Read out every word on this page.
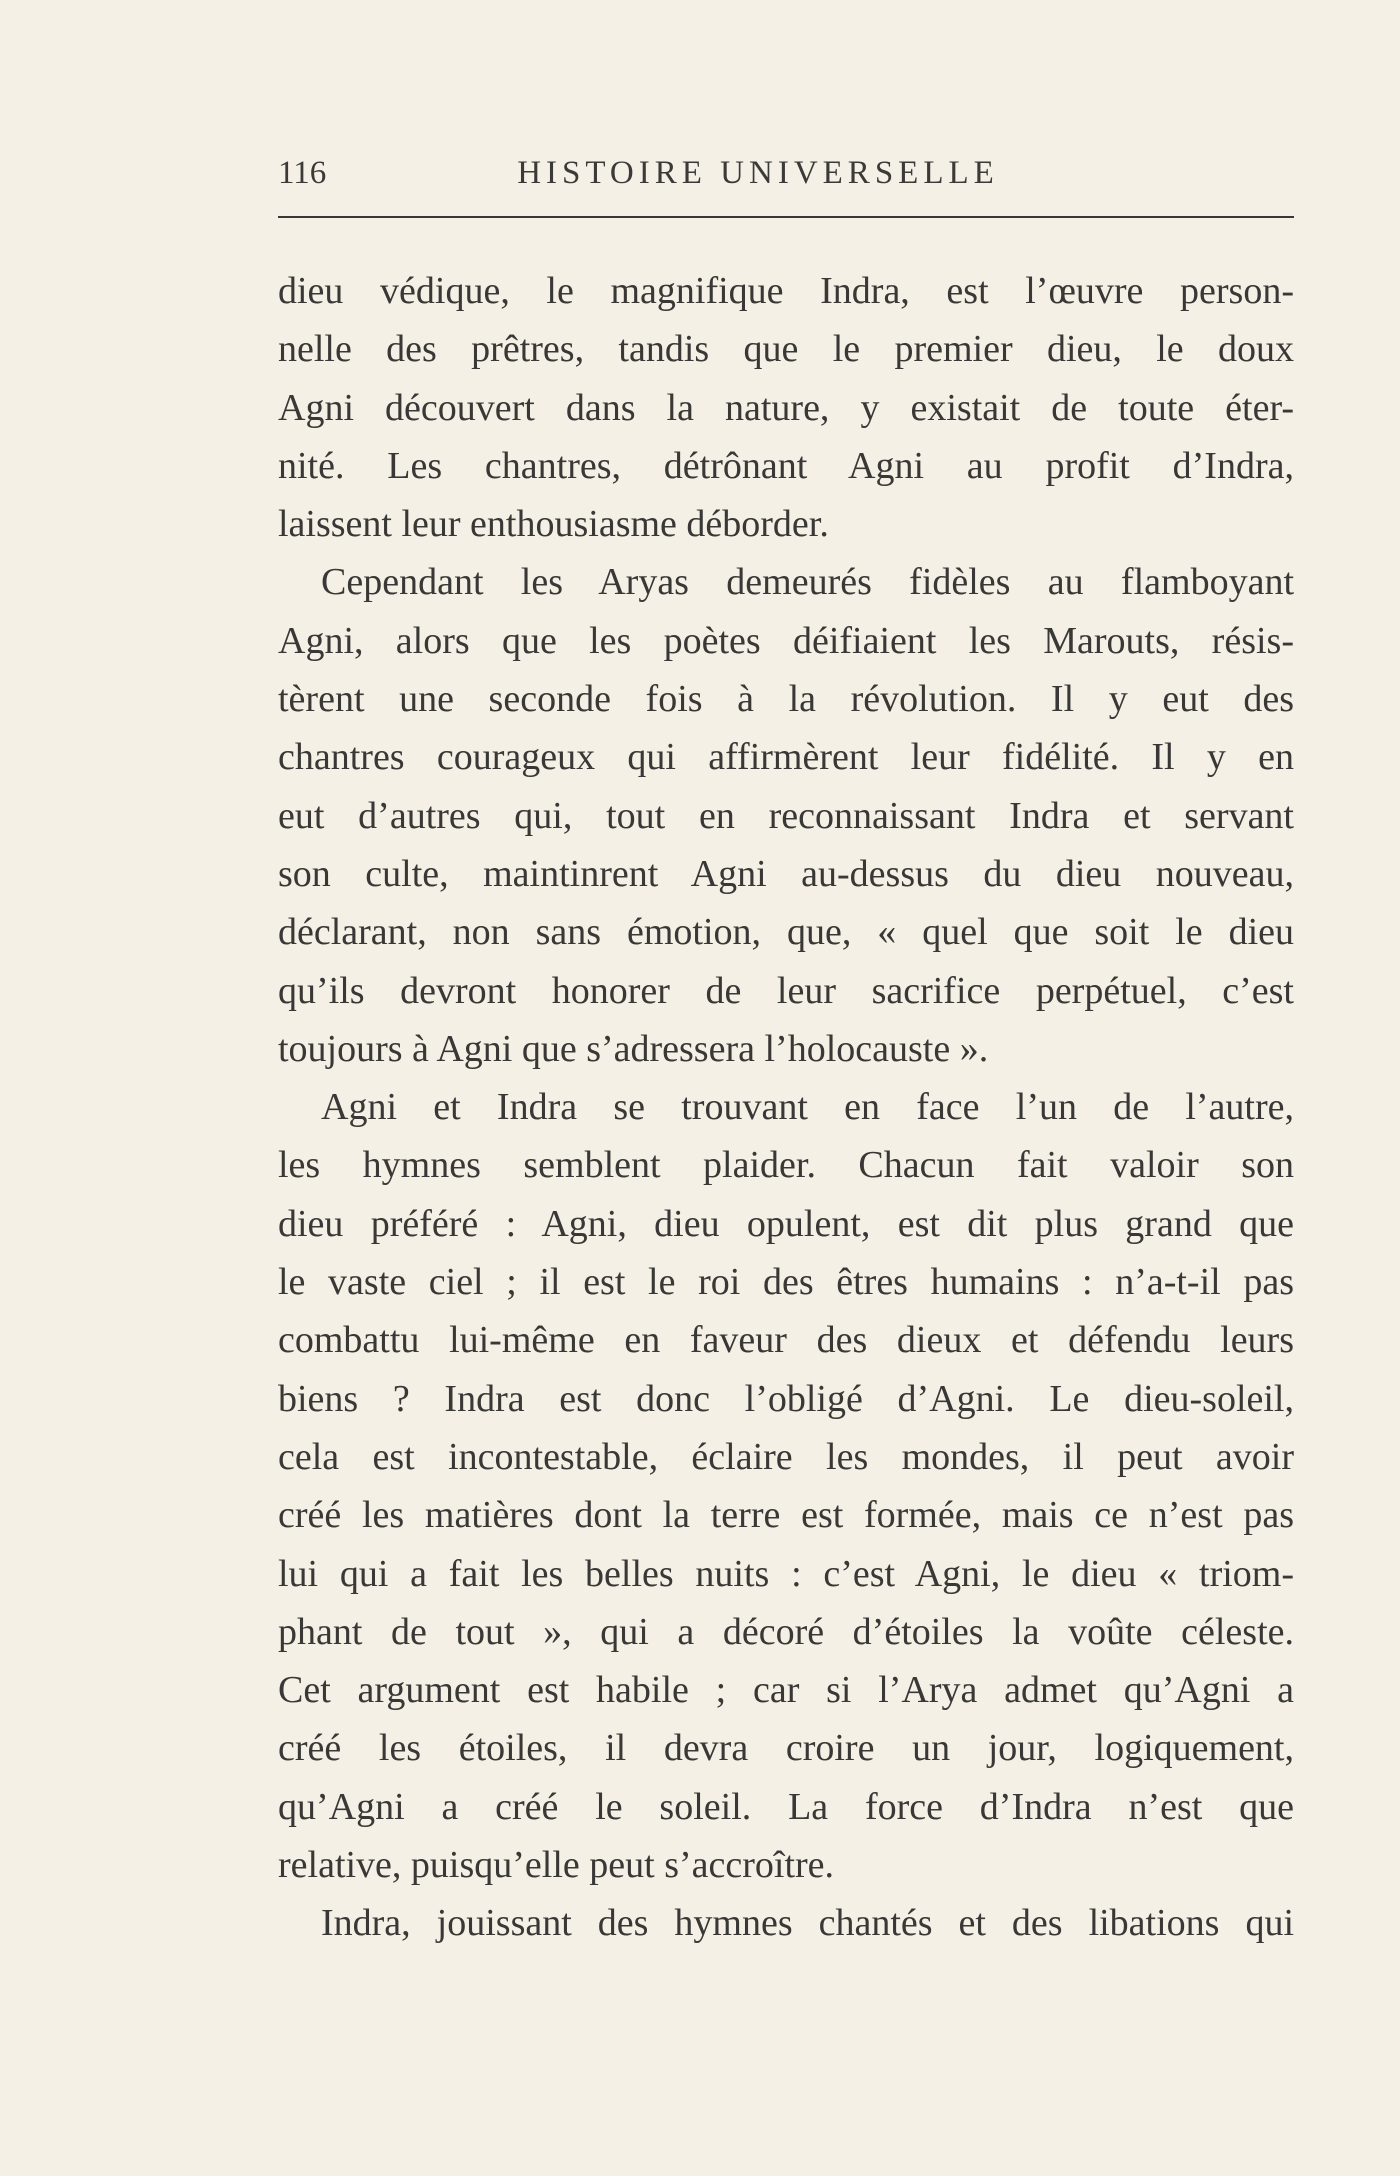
116	HISTOIRE UNIVERSELLE
dieu védique, le magnifique Indra, est l’œuvre person-
nelle des prêtres, tandis que le premier dieu, le doux
Agni découvert dans la nature, y existait de toute éter-
nité. Les chantres, détrônant Agni au profit d’Indra,
laissent leur enthousiasme déborder.
Cependant les Aryas demeurés fidèles au flamboyant
Agni, alors que les poètes déifiaient les Marouts, résis-
tèrent une seconde fois à la révolution. Il y eut des
chantres courageux qui affirmèrent leur fidélité. Il y en
eut d’autres qui, tout en reconnaissant Indra et servant
son culte, maintinrent Agni au-dessus du dieu nouveau,
déclarant, non sans émotion, que, « quel que soit le dieu
qu’ils devront honorer de leur sacrifice perpétuel, c’est
toujours à Agni que s’adressera l’holocauste ».
Agni et Indra se trouvant en face l’un de l’autre,
les hymnes semblent plaider. Chacun fait valoir son
dieu préféré : Agni, dieu opulent, est dit plus grand que
le vaste ciel ; il est le roi des êtres humains : n’a-t-il pas
combattu lui-même en faveur des dieux et défendu leurs
biens ? Indra est donc l’obligé d’Agni. Le dieu-soleil,
cela est incontestable, éclaire les mondes, il peut avoir
créé les matières dont la terre est formée, mais ce n’est pas
lui qui a fait les belles nuits : c’est Agni, le dieu « triom-
phant de tout », qui a décoré d’étoiles la voûte céleste.
Cet argument est habile ; car si l’Arya admet qu’Agni a
créé les étoiles, il devra croire un jour, logiquement,
qu’Agni a créé le soleil. La force d’Indra n’est que
relative, puisqu’elle peut s’accroître.
Indra, jouissant des hymnes chantés et des libations qui
